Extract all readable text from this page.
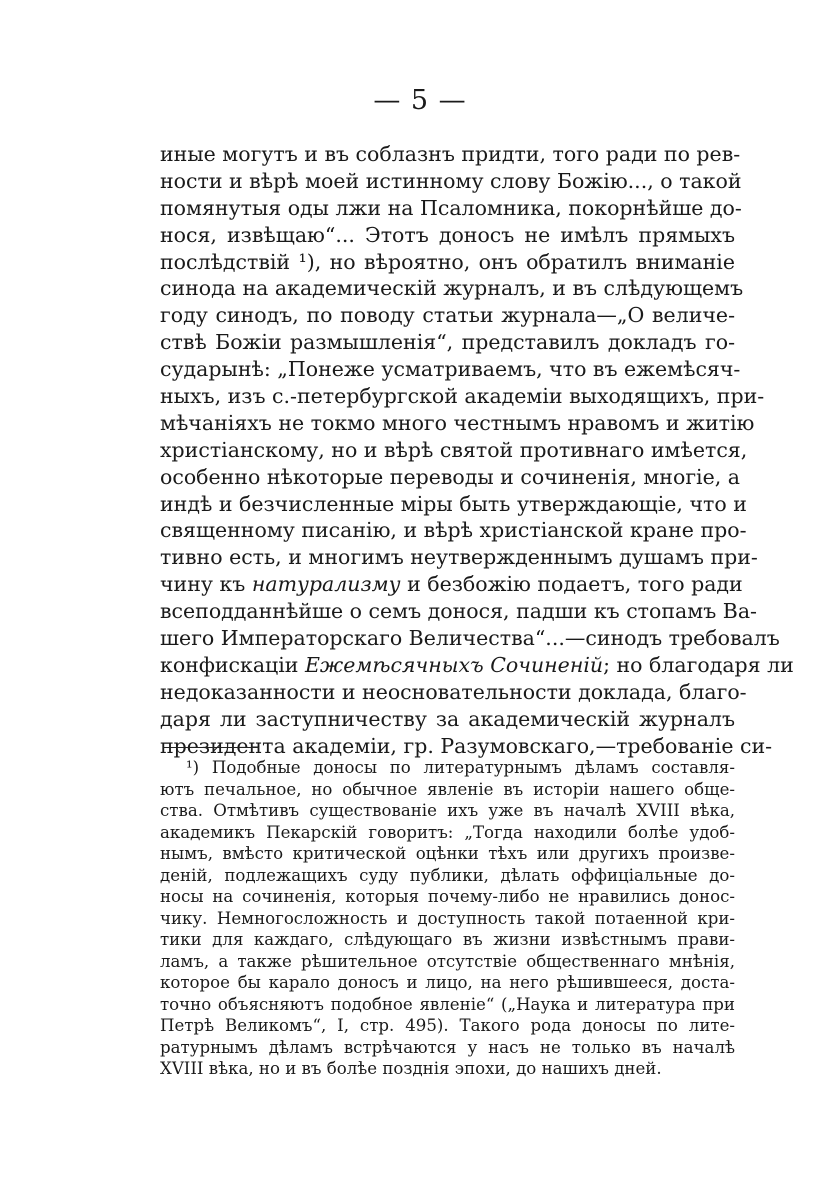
— 5 —
иные могутъ и въ соблазнъ придти, того ради по рев-
ности и вѣрѣ моей истинному слову Божію..., о такой
помянутыя оды лжи на Псаломника, покорнѣйше до-
нося, извѣщаю“... Этотъ доносъ не имѣлъ прямыхъ
послѣдствій ¹), но вѣроятно, онъ обратилъ вниманіе
синода на академическій журналъ, и въ слѣдующемъ
году синодъ, по поводу статьи журнала—„О величе-
ствѣ Божіи размышленія“, представилъ докладъ го-
сударынѣ: „Понеже усматриваемъ, что въ ежемѣсяч-
ныхъ, изъ с.-петербургской академіи выходящихъ, при-
мѣчаніяхъ не токмо много честнымъ нравомъ и житію
христіанскому, но и вѣрѣ святой противнаго имѣется,
особенно нѣкоторые переводы и сочиненія, многіе, а
индѣ и безчисленные міры быть утверждающіе, что и
священному писанію, и вѣрѣ христіанской кране про-
тивно есть, и многимъ неутвержденнымъ душамъ при-
чину къ натурализму и безбожію подаетъ, того ради
всеподданнѣйше о семъ донося, падши къ стопамъ Ва-
шего Императорскаго Величества“...—синодъ требовалъ
конфискаціи Ежемѣсячныхъ Сочиненій; но благодаря ли
недоказанности и неосновательности доклада, благо-
даря ли заступничеству за академическій журналъ
президента академіи, гр. Разумовскаго,—требованіе си-
¹) Подобные доносы по литературнымъ дѣламъ составля-
ютъ печальное, но обычное явленіе въ исторіи нашего обще-
ства. Отмѣтивъ существованіе ихъ уже въ началѣ XVIII вѣка,
академикъ Пекарскій говоритъ: „Тогда находили болѣе удоб-
нымъ, вмѣсто критической оцѣнки тѣхъ или другихъ произве-
деній, подлежащихъ суду публики, дѣлать оффиціальные до-
носы на сочиненія, которыя почему-либо не нравились донос-
чику. Немногосложность и доступность такой потаенной кри-
тики для каждаго, слѣдующаго въ жизни извѣстнымъ прави-
ламъ, а также рѣшительное отсутствіе общественнаго мнѣнія,
которое бы карало доносъ и лицо, на него рѣшившееся, доста-
точно объясняютъ подобное явленіе“ („Наука и литература при
Петрѣ Великомъ“, I, стр. 495). Такого рода доносы по лите-
ратурнымъ дѣламъ встрѣчаются у насъ не только въ началѣ
XVIII вѣка, но и въ болѣе позднія эпохи, до нашихъ дней.
